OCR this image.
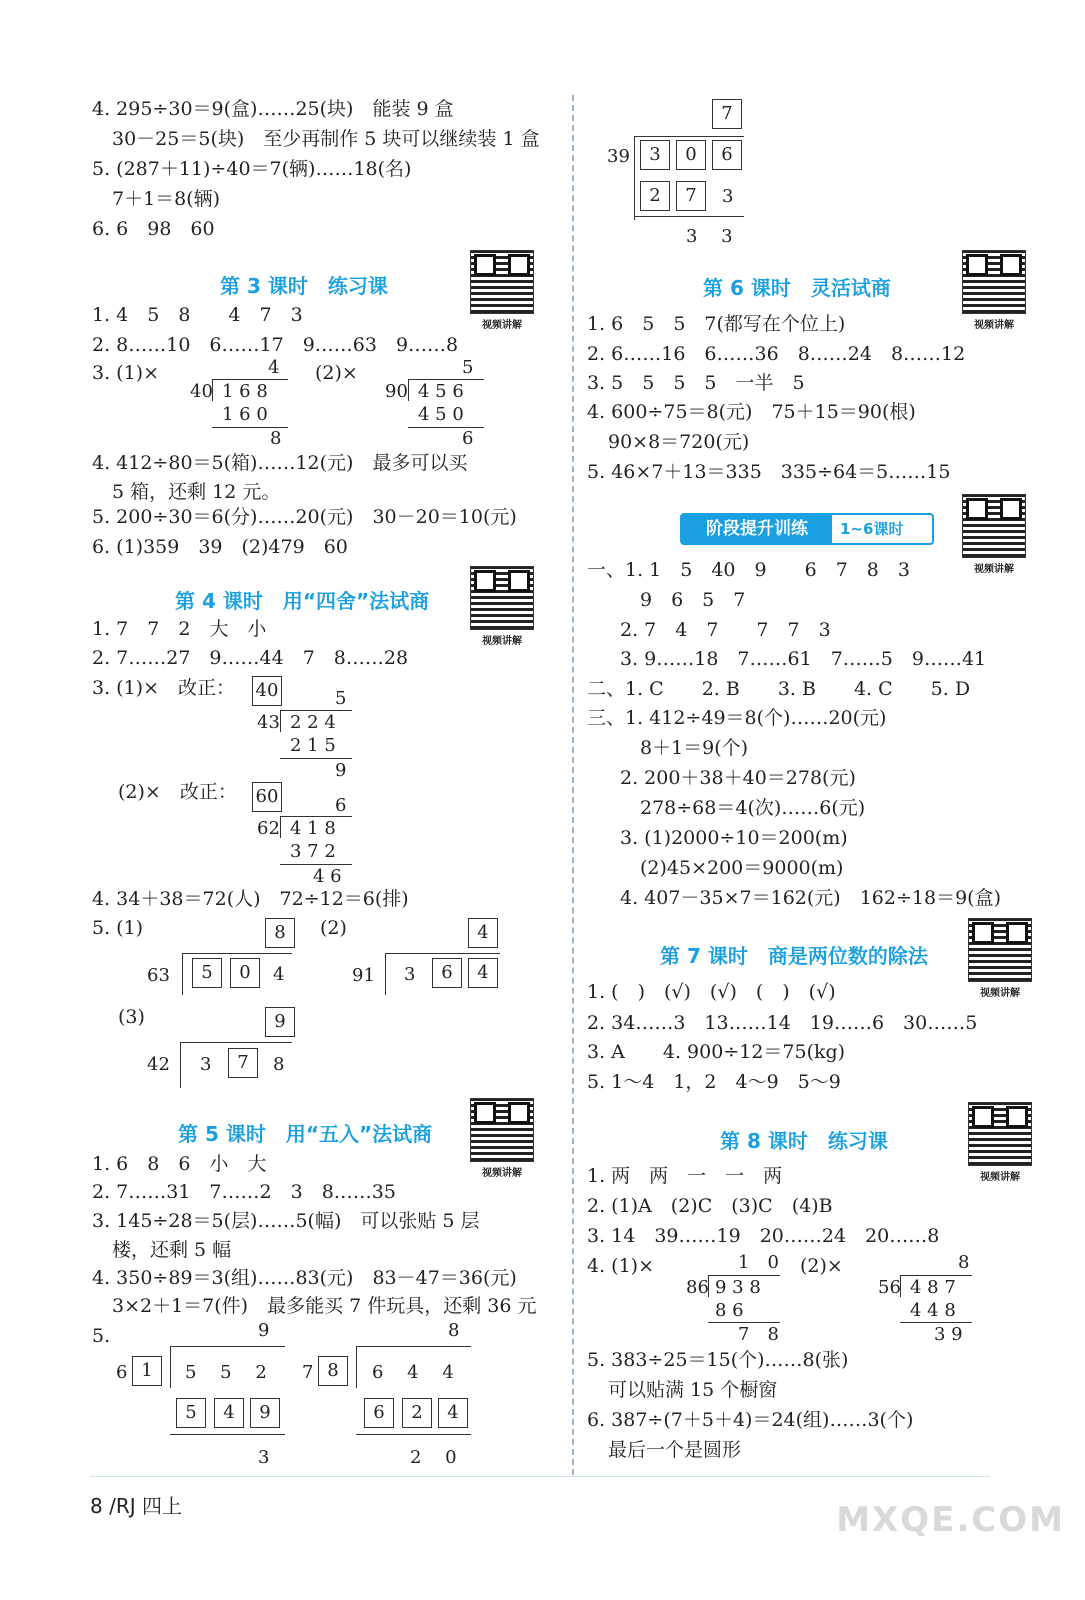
4. 295÷30＝9(盒)……25(块)　能装 9 盒
30－25＝5(块)　至少再制作 5 块可以继续装 1 盒
5. (287＋11)÷40＝7(辆)……18(名)
7＋1＝8(辆)
6. 6　98　60
第 3 课时　练习课
视频讲解
1. 4　5　8　　4　7　3
2. 8……10　6……17　9……63　9……8
3. (1)×	(2)×
4
40 1 6 8
1 6 0
8
5
90 4 5 6
4 5 0
6
4. 412÷80＝5(箱)……12(元)　最多可以买
5 箱，还剩 12 元。
5. 200÷30＝6(分)……20(元)　30－20＝10(元)
6. (1)359　39　(2)479　60
第 4 课时　用“四舍”法试商
视频讲解
1. 7　7　2　大　小
2. 7……27　9……44　7　8……28
3. (1)×　改正： 40	5
43 2 2 4
2 1 5
9
(2)×　改正： 60	6
62 4 1 8
3 7 2
4 6
4. 34＋38＝72(人)　72÷12＝6(排)
5. (1)	(2)
8
63	5	0	4
4
91 3	6	4
(3)	9
42 3	7	8
第 5 课时　用“五入”法试商
视频讲解
1. 6　8　6　小　大
2. 7……31　7……2　3　8……35
3. 145÷28＝5(层)……5(幅)　可以张贴 5 层
楼，还剩 5 幅
4. 350÷89＝3(组)……83(元)　83－47＝36(元)
3×2＋1＝7(件)　最多能买 7 件玩具，还剩 36 元
5.	9
6 1	5　 5　 2
5	4	9
3
8
7 8	6　 4　 4
6	2	4
2　 0
7
39	3	0	6
2	7	3
3　 3
第 6 课时　灵活试商
视频讲解
1. 6　5　5　7(都写在个位上)
2. 6……16　6……36　8……24　8……12
3. 5　5　5　5　一半　5
4. 600÷75＝8(元)　75＋15＝90(根)
90×8＝720(元)
5. 46×7＋13＝335　335÷64＝5……15
阶段提升训练	1~6课时
视频讲解
一、1. 1　5　40　9　　6　7　8　3
9　6　5　7
2. 7　4　7　　7　7　3
3. 9……18　7……61　7……5　9……41
二、1. C　　2. B　　3. B　　4. C　　5. D
三、1. 412÷49＝8(个)……20(元)
8＋1＝9(个)
2. 200＋38＋40＝278(元)
278÷68＝4(次)……6(元)
3. (1)2000÷10＝200(m)
(2)45×200＝9000(m)
4. 407－35×7＝162(元)　162÷18＝9(盒)
第 7 课时　商是两位数的除法
视频讲解
1. (　)　(√)　(√)　(　)　(√)
2. 34……3　13……14　19……6　30……5
3. A　　4. 900÷12＝75(kg)
5. 1～4　1，2　4～9　5～9
第 8 课时　练习课
视频讲解
1. 两　两　一　一　两
2. (1)A　(2)C　(3)C　(4)B
3. 14　39……19　20……24　20……8
4. (1)×	(2)×
1　0
86 9 3 8
8 6
7　8
8
56 4 8 7
4 4 8
3 9
5. 383÷25＝15(个)……8(张)
可以贴满 15 个橱窗
6. 387÷(7＋5＋4)＝24(组)……3(个)
最后一个是圆形
8 /RJ 四上	MXQE.COM
